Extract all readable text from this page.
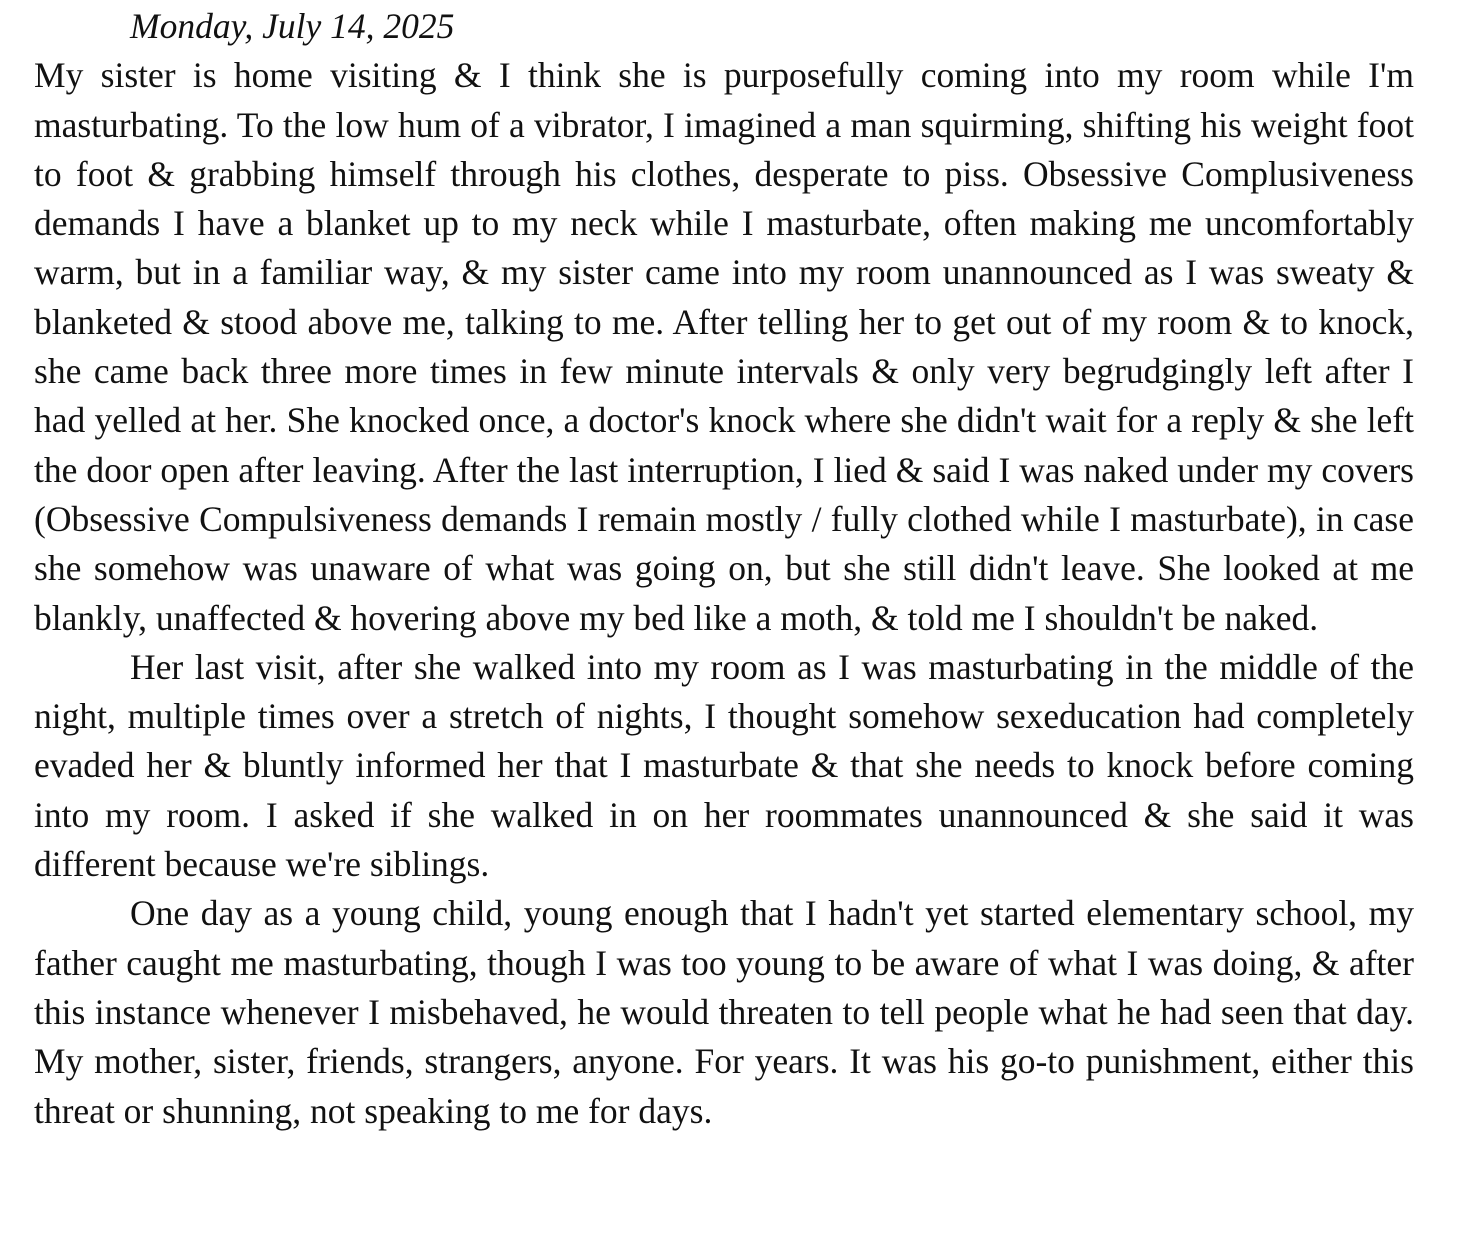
Monday, July 14, 2025

My sister is home visiting & I think she is purposefully coming into my room while I'm masturbating. To the low hum of a vibrator, I imagined a man squirming, shifting his weight foot to foot & grabbing himself through his clothes, desperate to piss. Obsessive Complusiveness demands I have a blanket up to my neck while I masturbate, often making me uncomfortably warm, but in a familiar way, & my sister came into my room unannounced as I was sweaty & blanketed & stood above me, talking to me. After telling her to get out of my room & to knock, she came back three more times in few minute intervals & only very begrudgingly left after I had yelled at her. She knocked once, a doctor's knock where she didn't wait for a reply & she left the door open after leaving. After the last interruption, I lied & said I was naked under my covers (Obsessive Compulsiveness demands I remain mostly / fully clothed while I masturbate), in case she somehow was unaware of what was going on, but she still didn't leave. She looked at me blankly, unaffected & hovering above my bed like a moth, & told me I shouldn't be naked.

Her last visit, after she walked into my room as I was masturbating in the middle of the night, multiple times over a stretch of nights, I thought somehow sexeducation had completely evaded her & bluntly informed her that I masturbate & that she needs to knock before coming into my room. I asked if she walked in on her roommates unannounced & she said it was different because we're siblings.

One day as a young child, young enough that I hadn't yet started elementary school, my father caught me masturbating, though I was too young to be aware of what I was doing, & after this instance whenever I misbehaved, he would threaten to tell people what he had seen that day. My mother, sister, friends, strangers, anyone. For years. It was his go-to punishment, either this threat or shunning, not speaking to me for days.
